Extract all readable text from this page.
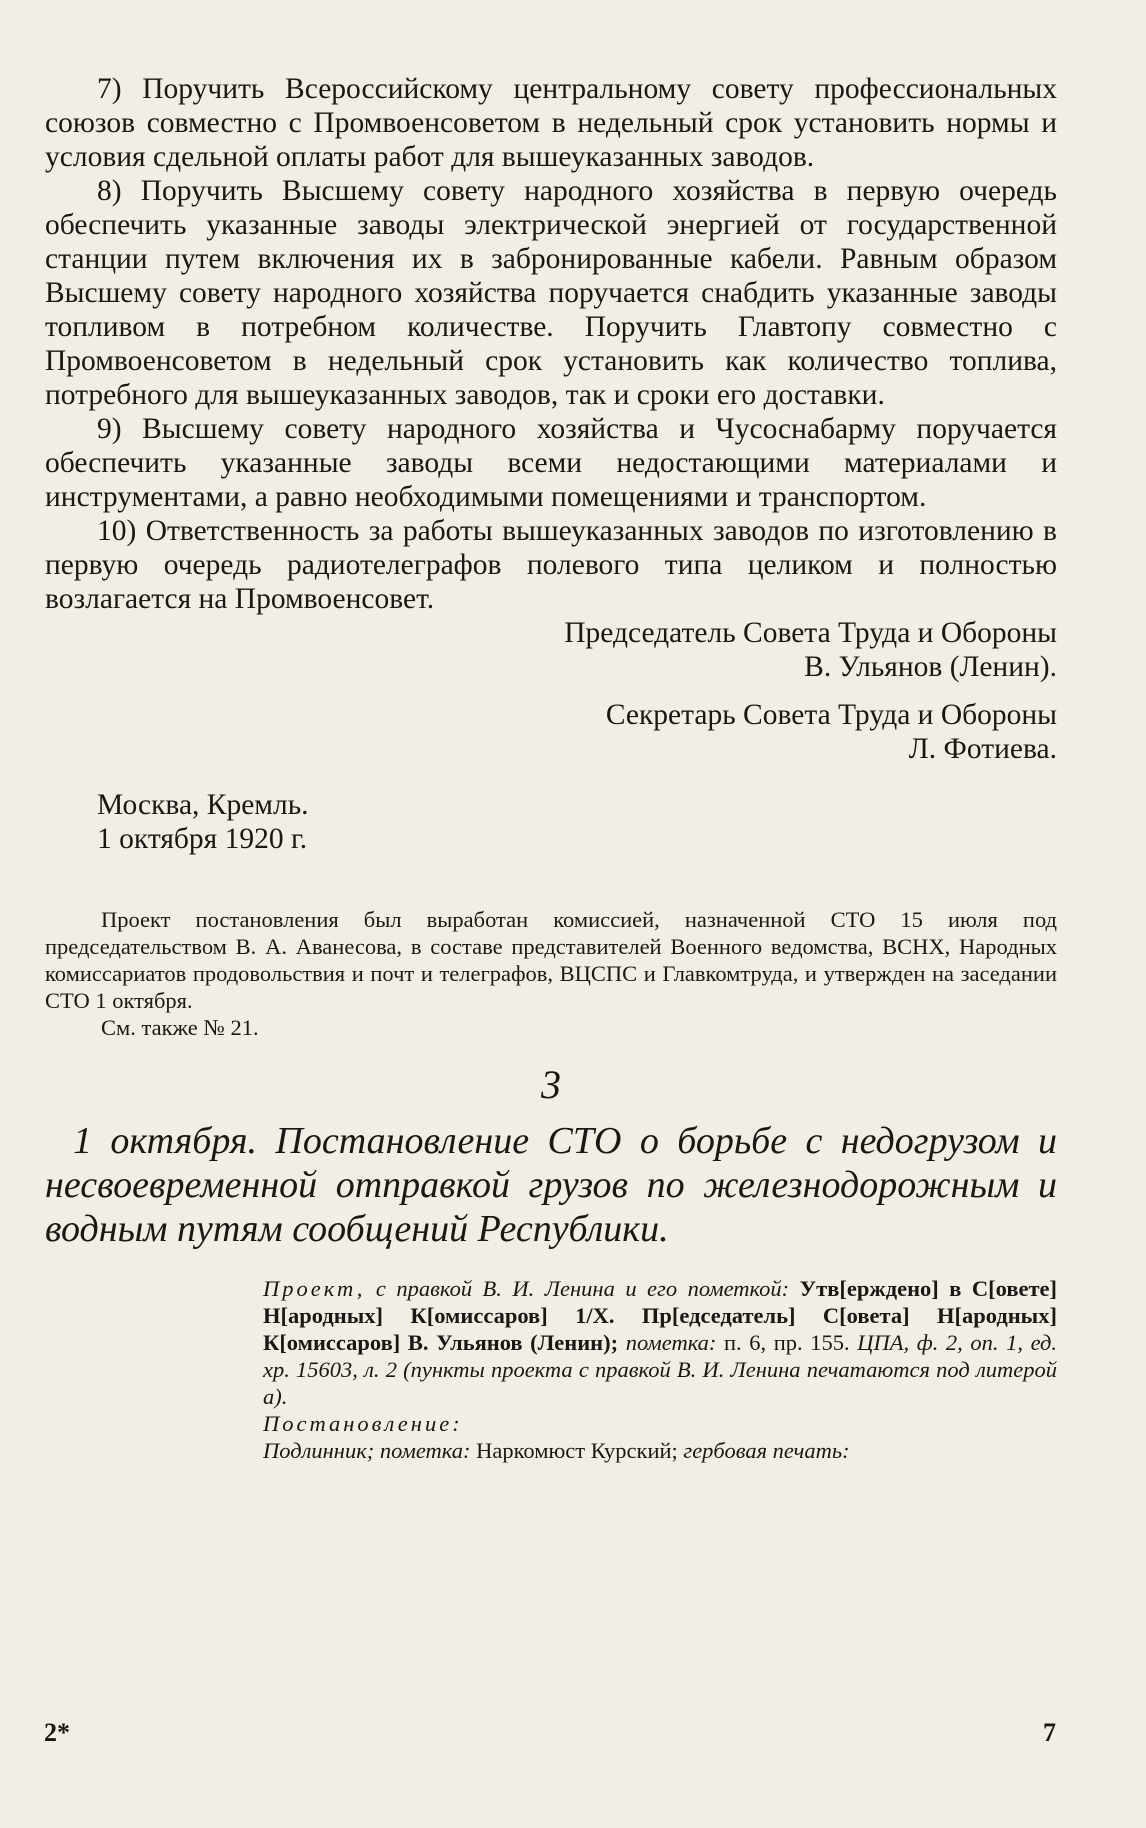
7) Поручить Всероссийскому центральному совету профессиональных союзов совместно с Промвоенсоветом в недельный срок установить нормы и условия сдельной оплаты работ для вышеуказанных заводов.

8) Поручить Высшему совету народного хозяйства в первую очередь обеспечить указанные заводы электрической энергией от государственной станции путем включения их в забронированные кабели. Равным образом Высшему совету народного хозяйства поручается снабдить указанные заводы топливом в потребном количестве. Поручить Главтопу совместно с Промвоенсоветом в недельный срок установить как количество топлива, потребного для вышеуказанных заводов, так и сроки его доставки.

9) Высшему совету народного хозяйства и Чусоснабарму поручается обеспечить указанные заводы всеми недостающими материалами и инструментами, а равно необходимыми помещениями и транспортом.

10) Ответственность за работы вышеуказанных заводов по изготовлению в первую очередь радиотелеграфов полевого типа целиком и полностью возлагается на Промвоенсовет.

Председатель Совета Труда и Обороны

В. Ульянов (Ленин).

Секретарь Совета Труда и Обороны

Л. Фотиева.

Москва, Кремль.

1 октября 1920 г.

Проект постановления был выработан комиссией, назначенной СТО 15 июля под председательством В. А. Аванесова, в составе представителей Военного ведомства, ВСНХ, Народных комиссариатов продовольствия и почт и телеграфов, ВЦСПС и Главкомтруда, и утвержден на заседании СТО 1 октября.

См. также № 21.

3

1 октября. Постановление СТО о борьбе с недогрузом и несвоевременной отправкой грузов по железнодорожным и водным путям сообщений Республики.

Проект, с правкой В. И. Ленина и его пометкой: Утв[ерждено] в С[овете] Н[ародных] К[омиссаров] 1/X. Пр[едседатель] С[овета] Н[ародных] К[омиссаров] В. Ульянов (Ленин); пометка: п. 6, пр. 155. ЦПА, ф. 2, оп. 1, ед. хр. 15603, л. 2 (пункты проекта с правкой В. И. Ленина печатаются под литерой а).

Постановление:

Подлинник; пометка: Наркомюст Курский; гербовая печать:

2*	7
